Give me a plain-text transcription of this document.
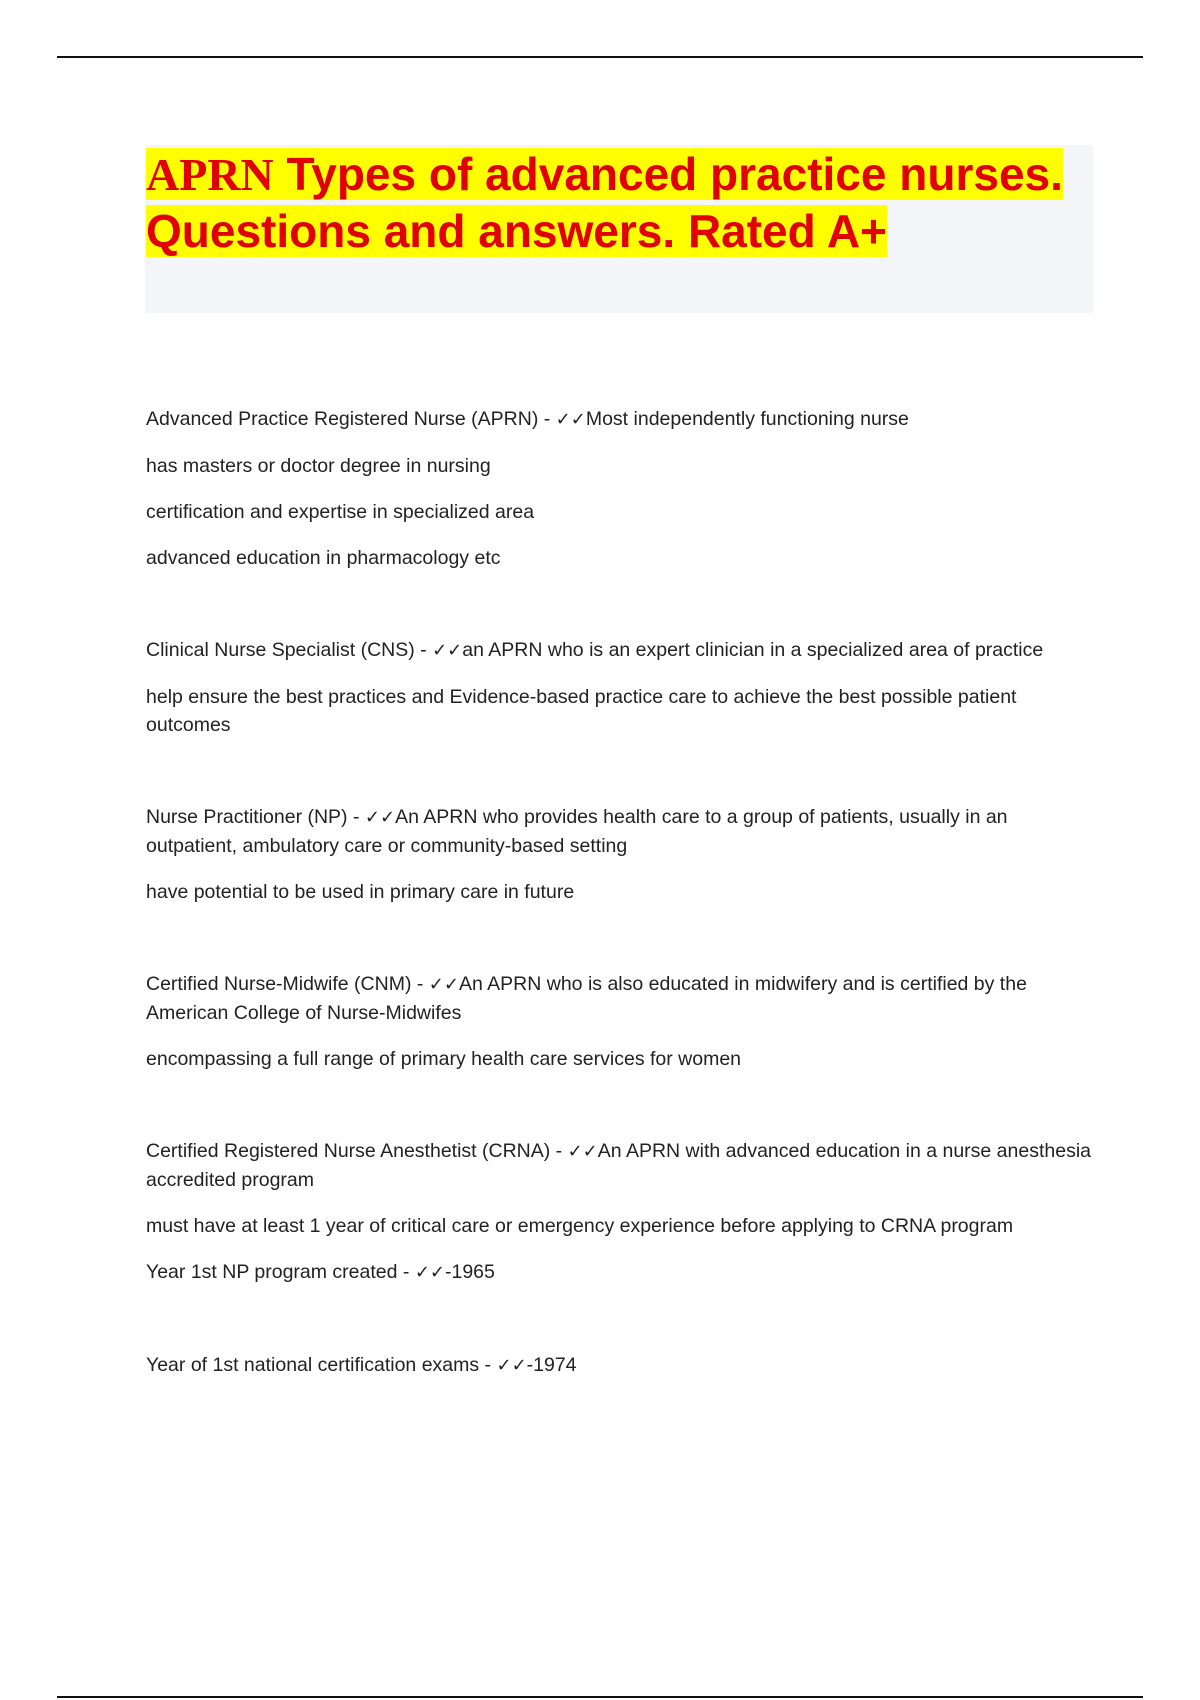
APRN Types of advanced practice nurses. Questions and answers. Rated A+

Advanced Practice Registered Nurse (APRN) - ✓✓Most independently functioning nurse

has masters or doctor degree in nursing

certification and expertise in specialized area

advanced education in pharmacology etc

Clinical Nurse Specialist (CNS) - ✓✓an APRN who is an expert clinician in a specialized area of practice

help ensure the best practices and Evidence-based practice care to achieve the best possible patient outcomes

Nurse Practitioner (NP) - ✓✓An APRN who provides health care to a group of patients, usually in an outpatient, ambulatory care or community-based setting

have potential to be used in primary care in future

Certified Nurse-Midwife (CNM) - ✓✓An APRN who is also educated in midwifery and is certified by the American College of Nurse-Midwifes

encompassing a full range of primary health care services for women

Certified Registered Nurse Anesthetist (CRNA) - ✓✓An APRN with advanced education in a nurse anesthesia accredited program

must have at least 1 year of critical care or emergency experience before applying to CRNA program

Year 1st NP program created - ✓✓-1965

Year of 1st national certification exams - ✓✓-1974
